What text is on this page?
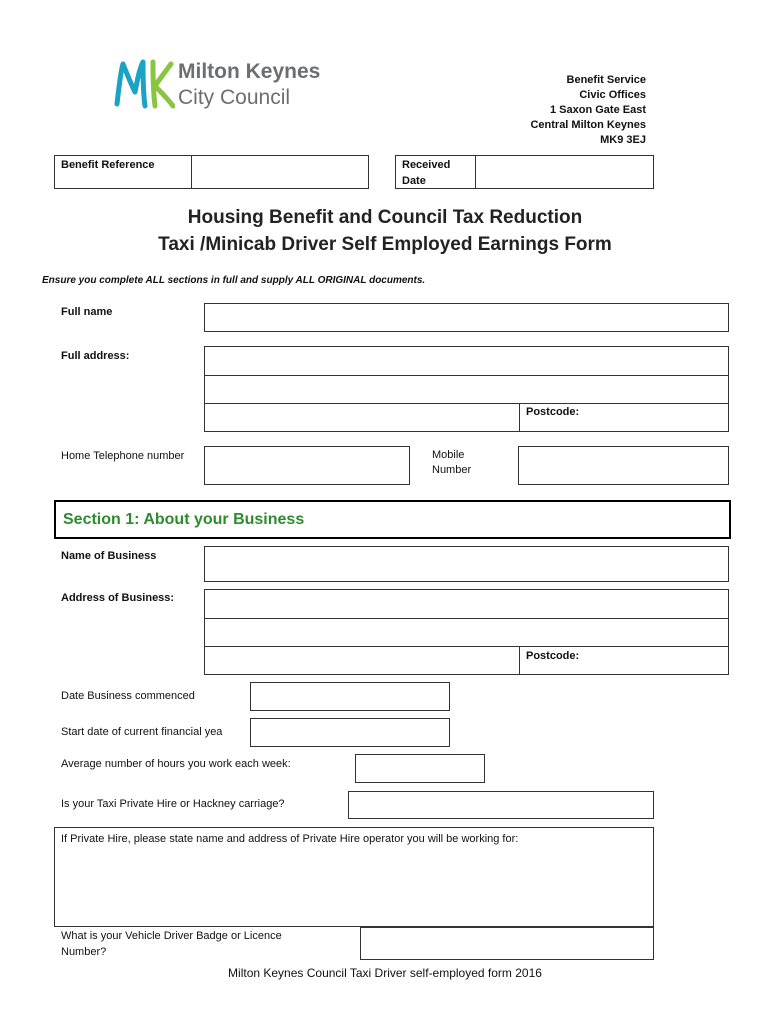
Milton Keynes
City Council
Benefit Service
Civic Offices
1 Saxon Gate East
Central Milton Keynes
MK9 3EJ
Benefit Reference	Received
Date
Housing Benefit and Council Tax Reduction
Taxi /Minicab Driver Self Employed Earnings Form
Ensure you complete ALL sections in full and supply ALL ORIGINAL documents.
Full name
Full address:
Postcode:
Home Telephone number	Mobile
Number
Section 1: About your Business
Name of Business
Address of Business:
Postcode:
Date Business commenced
Start date of current financial yea
Average number of hours you work each week:
Is your Taxi Private Hire or Hackney carriage?
If Private Hire, please state name and address of Private Hire operator you will be working for:
What is your Vehicle Driver Badge or Licence
Number?
Milton Keynes Council Taxi Driver self-employed form 2016
